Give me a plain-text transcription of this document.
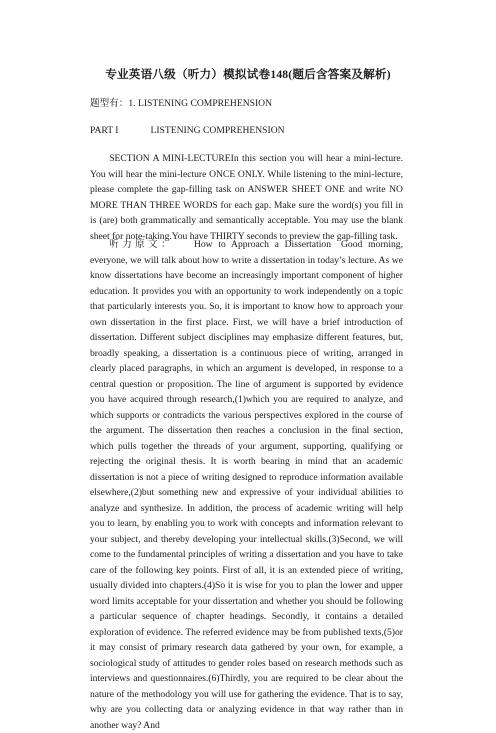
专业英语八级（听力）模拟试卷148(题后含答案及解析)
题型有：1. LISTENING COMPREHENSION
PART I	LISTENING COMPREHENSION
SECTION A MINI-LECTUREIn this section you will hear a mini-lecture. You will hear the mini-lecture ONCE ONLY. While listening to the mini-lecture, please complete the gap-filling task on ANSWER SHEET ONE and write NO MORE THAN THREE WORDS for each gap. Make sure the word(s) you fill in is (are) both grammatically and semantically acceptable. You may use the blank sheet for note-taking.You have THIRTY seconds to preview the gap-filling task.
听力原文： How to Approach a Dissertation Good morning, everyone, we will talk about how to write a dissertation in today’s lecture. As we know dissertations have become an increasingly important component of higher education. It provides you with an opportunity to work independently on a topic that particularly interests you. So, it is important to know how to approach your own dissertation in the first place. First, we will have a brief introduction of dissertation. Different subject disciplines may emphasize different features, but, broadly speaking, a dissertation is a continuous piece of writing, arranged in clearly placed paragraphs, in which an argument is developed, in response to a central question or proposition. The line of argument is supported by evidence you have acquired through research,(1)which you are required to analyze, and which supports or contradicts the various perspectives explored in the course of the argument. The dissertation then reaches a conclusion in the final section, which pulls together the threads of your argument, supporting, qualifying or rejecting the original thesis. It is worth bearing in mind that an academic dissertation is not a piece of writing designed to reproduce information available elsewhere,(2)but something new and expressive of your individual abilities to analyze and synthesize. In addition, the process of academic writing will help you to learn, by enabling you to work with concepts and information relevant to your subject, and thereby developing your intellectual skills.(3)Second, we will come to the fundamental principles of writing a dissertation and you have to take care of the following key points. First of all, it is an extended piece of writing, usually divided into chapters.(4)So it is wise for you to plan the lower and upper word limits acceptable for your dissertation and whether you should be following a particular sequence of chapter headings. Secondly, it contains a detailed exploration of evidence. The referred evidence may be from published texts,(5)or it may consist of primary research data gathered by your own, for example, a sociological study of attitudes to gender roles based on research methods such as interviews and questionnaires.(6)Thirdly, you are required to be clear about the nature of the methodology you will use for gathering the evidence. That is to say, why are you collecting data or analyzing evidence in that way rather than in another way? And
